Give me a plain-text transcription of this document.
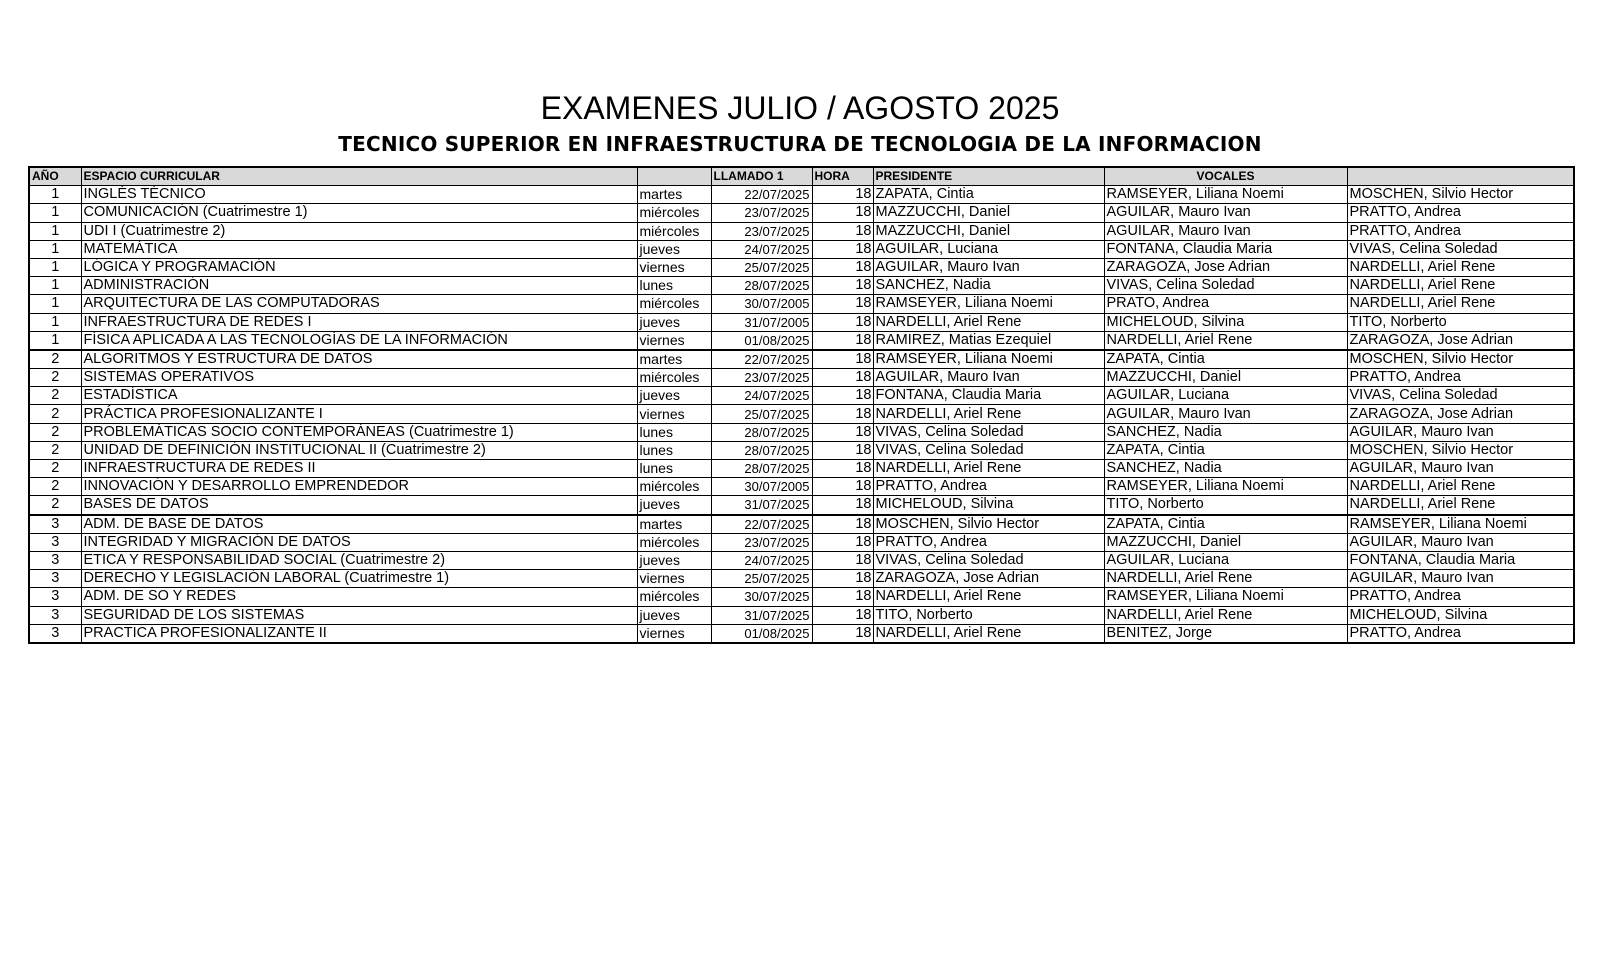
EXAMENES JULIO / AGOSTO 2025
TECNICO SUPERIOR EN INFRAESTRUCTURA DE TECNOLOGIA DE LA INFORMACION
AÑO	ESPACIO CURRICULAR		LLAMADO 1	HORA	PRESIDENTE	VOCALES	
1	INGLÉS TÉCNICO	martes	22/07/2025	18	ZAPATA, Cintia	RAMSEYER, Liliana Noemi	MOSCHEN, Silvio Hector
1	COMUNICACIÓN (Cuatrimestre 1)	miércoles	23/07/2025	18	MAZZUCCHI, Daniel	AGUILAR, Mauro Ivan	PRATTO, Andrea
1	UDI I (Cuatrimestre 2)	miércoles	23/07/2025	18	MAZZUCCHI, Daniel	AGUILAR, Mauro Ivan	PRATTO, Andrea
1	MATEMÁTICA	jueves	24/07/2025	18	AGUILAR, Luciana	FONTANA, Claudia Maria	VIVAS, Celina Soledad
1	LÓGICA Y PROGRAMACIÓN	viernes	25/07/2025	18	AGUILAR, Mauro Ivan	ZARAGOZA, Jose Adrian	NARDELLI, Ariel Rene
1	ADMINISTRACIÓN	lunes	28/07/2025	18	SANCHEZ, Nadia	VIVAS, Celina Soledad	NARDELLI, Ariel Rene
1	ARQUITECTURA DE LAS COMPUTADORAS	miércoles	30/07/2005	18	RAMSEYER, Liliana Noemi	PRATO, Andrea	NARDELLI, Ariel Rene
1	INFRAESTRUCTURA DE REDES I	jueves	31/07/2005	18	NARDELLI, Ariel Rene	MICHELOUD, Silvina	TITO, Norberto
1	FÍSICA APLICADA A LAS TECNOLOGÍAS DE LA INFORMACIÓN	viernes	01/08/2025	18	RAMIREZ, Matias Ezequiel	NARDELLI, Ariel Rene	ZARAGOZA, Jose Adrian
2	ALGORITMOS Y ESTRUCTURA DE DATOS	martes	22/07/2025	18	RAMSEYER, Liliana Noemi	ZAPATA, Cintia	MOSCHEN, Silvio Hector
2	SISTEMAS OPERATIVOS	miércoles	23/07/2025	18	AGUILAR, Mauro Ivan	MAZZUCCHI, Daniel	PRATTO, Andrea
2	ESTADÍSTICA	jueves	24/07/2025	18	FONTANA, Claudia Maria	AGUILAR, Luciana	VIVAS, Celina Soledad
2	PRÁCTICA PROFESIONALIZANTE I	viernes	25/07/2025	18	NARDELLI, Ariel Rene	AGUILAR, Mauro Ivan	ZARAGOZA, Jose Adrian
2	PROBLEMÁTICAS SOCIO CONTEMPORÁNEAS (Cuatrimestre 1)	lunes	28/07/2025	18	VIVAS, Celina Soledad	SANCHEZ, Nadia	AGUILAR, Mauro Ivan
2	UNIDAD DE DEFINICIÓN INSTITUCIONAL II (Cuatrimestre 2)	lunes	28/07/2025	18	VIVAS, Celina Soledad	ZAPATA, Cintia	MOSCHEN, Silvio Hector
2	INFRAESTRUCTURA DE REDES II	lunes	28/07/2025	18	NARDELLI, Ariel Rene	SANCHEZ, Nadia	AGUILAR, Mauro Ivan
2	INNOVACIÓN Y DESARROLLO EMPRENDEDOR	miércoles	30/07/2005	18	PRATTO, Andrea	RAMSEYER, Liliana Noemi	NARDELLI, Ariel Rene
2	BASES DE DATOS	jueves	31/07/2025	18	MICHELOUD, Silvina	TITO, Norberto	NARDELLI, Ariel Rene
3	ADM. DE BASE DE DATOS	martes	22/07/2025	18	MOSCHEN, Silvio Hector	ZAPATA, Cintia	RAMSEYER, Liliana Noemi
3	INTEGRIDAD Y MIGRACIÓN DE DATOS	miércoles	23/07/2025	18	PRATTO, Andrea	MAZZUCCHI, Daniel	AGUILAR, Mauro Ivan
3	ETICA Y RESPONSABILIDAD SOCIAL (Cuatrimestre 2)	jueves	24/07/2025	18	VIVAS, Celina Soledad	AGUILAR, Luciana	FONTANA, Claudia Maria
3	DERECHO Y LEGISLACIÓN LABORAL (Cuatrimestre 1)	viernes	25/07/2025	18	ZARAGOZA, Jose Adrian	NARDELLI, Ariel Rene	AGUILAR, Mauro Ivan
3	ADM. DE SO Y REDES	miércoles	30/07/2025	18	NARDELLI, Ariel Rene	RAMSEYER, Liliana Noemi	PRATTO, Andrea
3	SEGURIDAD DE LOS SISTEMAS	jueves	31/07/2025	18	TITO, Norberto	NARDELLI, Ariel Rene	MICHELOUD, Silvina
3	PRACTICA PROFESIONALIZANTE II	viernes	01/08/2025	18	NARDELLI, Ariel Rene	BENITEZ, Jorge	PRATTO, Andrea
